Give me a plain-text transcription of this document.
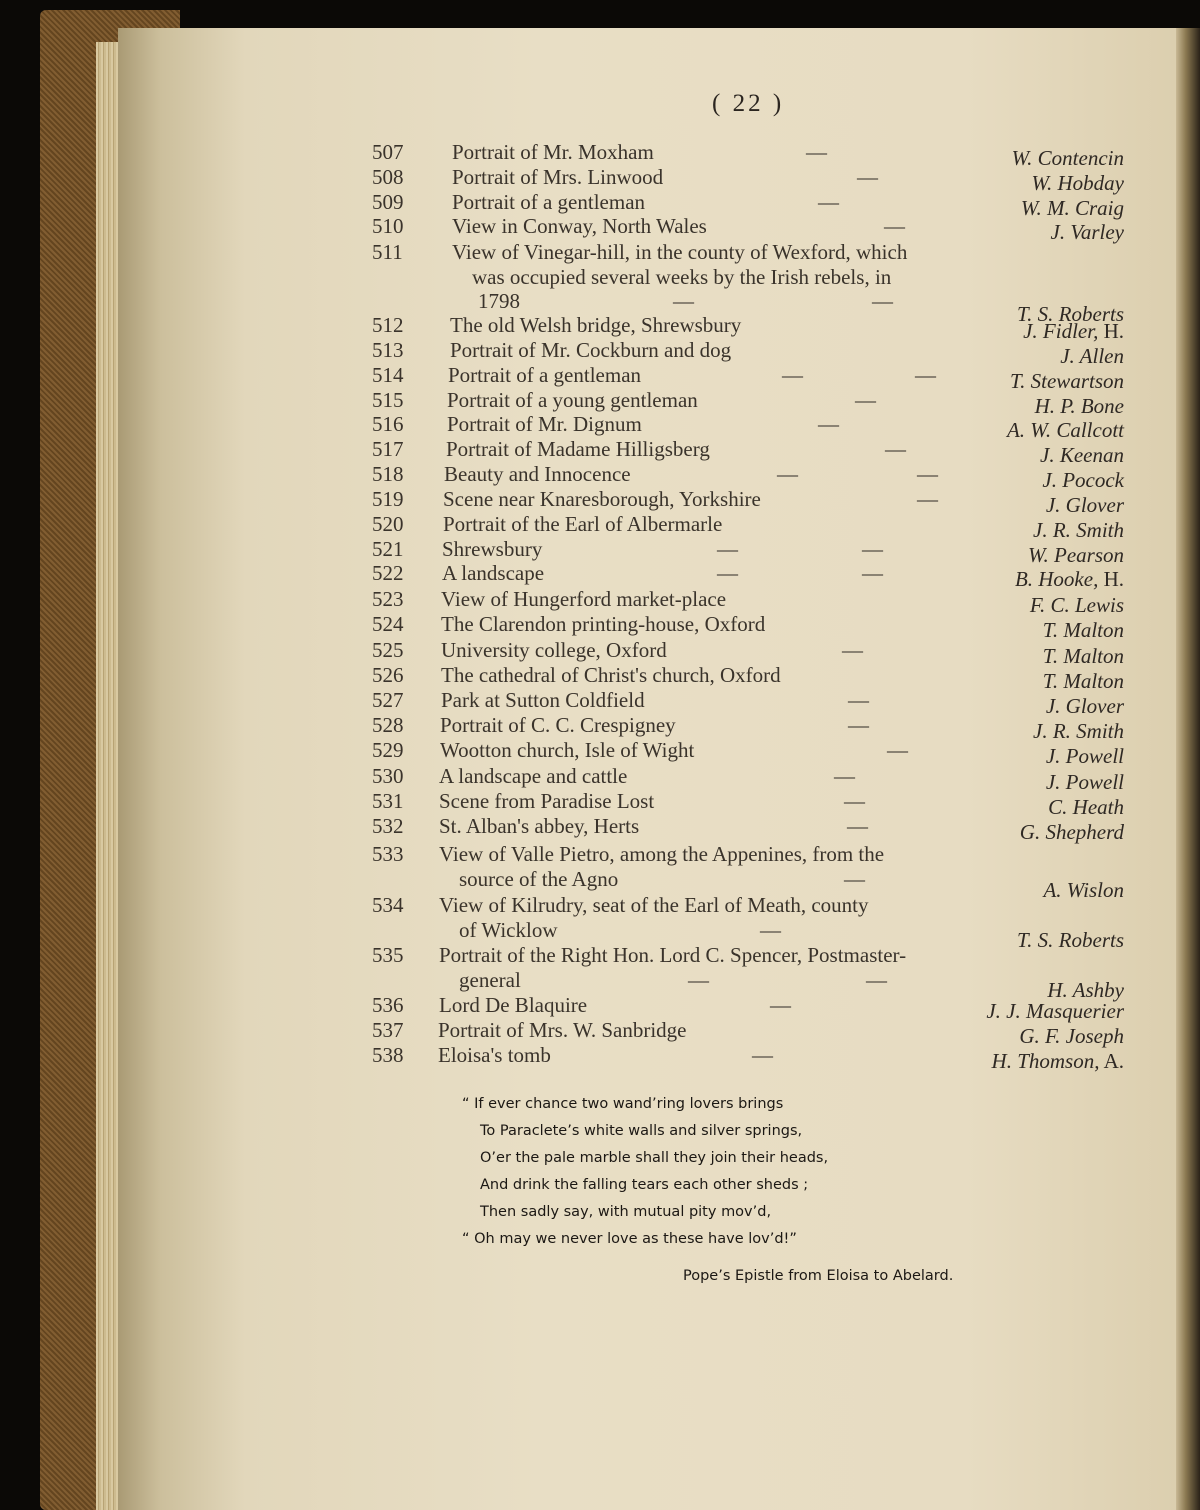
( 22 )
507 Portrait of Mr. Moxham	—	W. Contencin
508 Portrait of Mrs. Linwood	—	W. Hobday
509 Portrait of a gentleman	—	W. M. Craig
510 View in Conway, North Wales	—	J. Varley
511 View of Vinegar-hill, in the county of Wexford, which
was occupied several weeks by the Irish rebels, in
1798	—	—
T. S. Roberts
512 The old Welsh bridge, Shrewsbury	J. Fidler, H.
513 Portrait of Mr. Cockburn and dog	J. Allen
514 Portrait of a gentleman	—	—	T. Stewartson
515 Portrait of a young gentleman	—	H. P. Bone
516 Portrait of Mr. Dignum	—	A. W. Callcott
517 Portrait of Madame Hilligsberg	—	J. Keenan
518 Beauty and Innocence	—	—	J. Pocock
519 Scene near Knaresborough, Yorkshire	—	J. Glover
520 Portrait of the Earl of Albermarle	J. R. Smith
521 Shrewsbury	—	—	W. Pearson
522 A landscape	—	—	B. Hooke, H.
523 View of Hungerford market-place	F. C. Lewis
524 The Clarendon printing-house, Oxford	T. Malton
525 University college, Oxford	—	T. Malton
526 The cathedral of Christ's church, Oxford	T. Malton
527 Park at Sutton Coldfield	—	J. Glover
528 Portrait of C. C. Crespigney	—	J. R. Smith
529 Wootton church, Isle of Wight	—	J. Powell
530 A landscape and cattle	—	J. Powell
531 Scene from Paradise Lost	—	C. Heath
532 St. Alban's abbey, Herts	—	G. Shepherd
533 View of Valle Pietro, among the Appenines, from the
source of the Agno	—	A. Wislon
534 View of Kilrudry, seat of the Earl of Meath, county
of Wicklow	—	T. S. Roberts
535 Portrait of the Right Hon. Lord C. Spencer, Postmaster-
general	—	—	H. Ashby
536 Lord De Blaquire	—	J. J. Masquerier
537 Portrait of Mrs. W. Sanbridge	G. F. Joseph
538 Eloisa's tomb	—	H. Thomson, A.
“ If ever chance two wand’ring lovers brings
To Paraclete’s white walls and silver springs,
O’er the pale marble shall they join their heads,
And drink the falling tears each other sheds ;
Then sadly say, with mutual pity mov’d,
“ Oh may we never love as these have lov’d!”
Pope’s Epistle from Eloisa to Abelard.
